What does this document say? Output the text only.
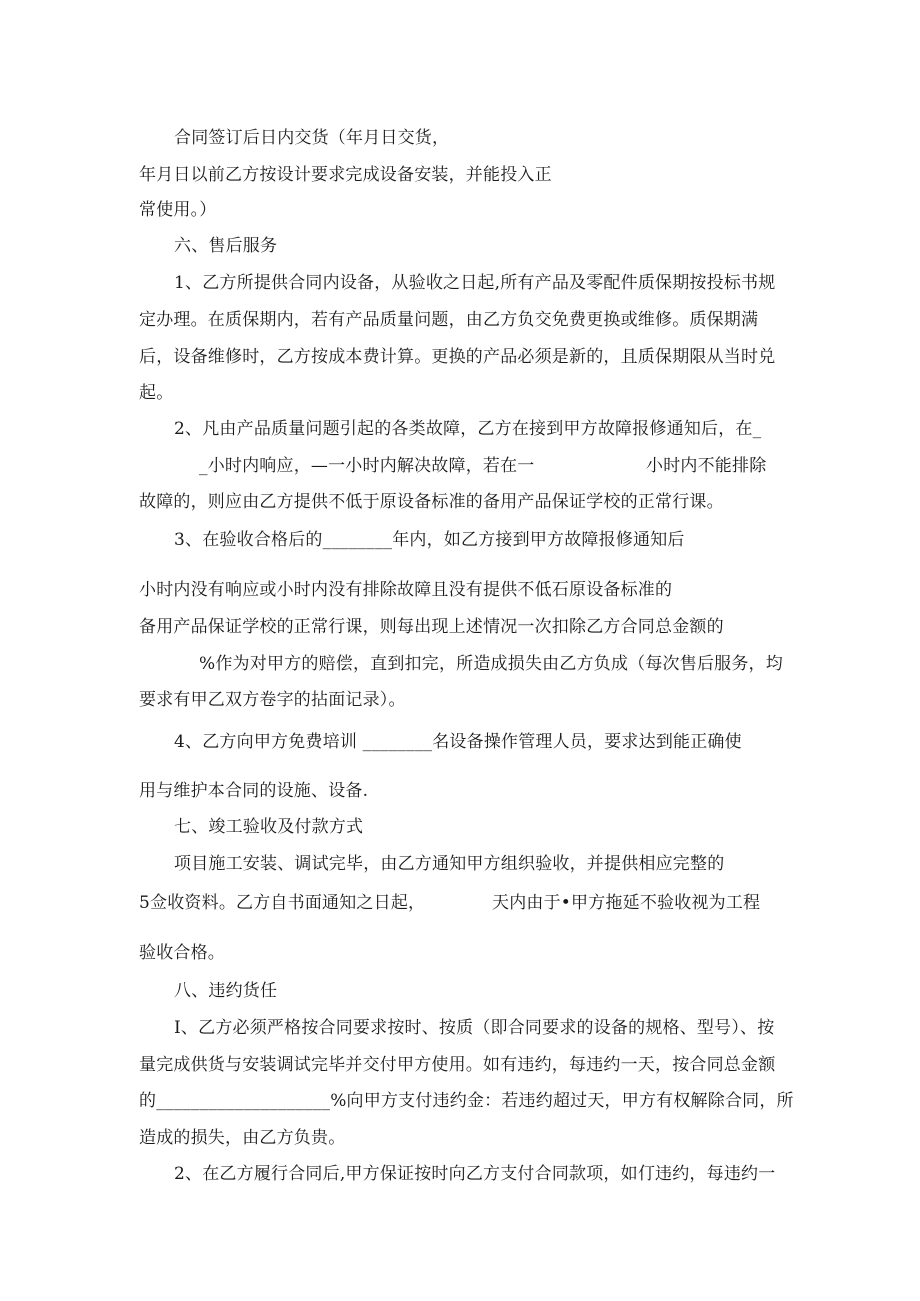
合同签订后日内交货（年月日交货，
年月日以前乙方按设计要求完成设备安装，并能投入正
常使用。）
六、售后服务
1、乙方所提供合同内设备，从验收之日起,所有产品及零配件质保期按投标书规
定办理。在质保期内，若有产品质量问题，由乙方负交免费更换或维修。质保期满
后，设备维修时，乙方按成本费计算。更换的产品必须是新的，且质保期限从当时兑
起。
2、凡由产品质量问题引起的各类故障，乙方在接到甲方故障报修通知后，在_
_小时内响应，—一小时内解决故障，若在一	小时内不能排除
故障的，则应由乙方提供不低于原设备标准的备用产品保证学校的正常行课。
3、在验收合格后的________年内，如乙方接到甲方故障报修通知后
小时内没有响应或小时内没有排除故障且没有提供不低石原设备标准的
备用产品保证学校的正常行课，则每出现上述情况一次扣除乙方合同总金额的
%作为对甲方的赔偿，直到扣完，所造成损失由乙方负成（每次售后服务，均
要求有甲乙双方卷字的拈面记录）。
4、乙方向甲方免费培训 ________名设备操作管理人员，要求达到能正确使
用与维护本合同的设施、设备.
七、竣工验收及付款方式
项目施工安装、调试完毕，由乙方通知甲方组织验收，并提供相应完整的
5佥收资料。乙方自书面通知之日起，	天内由于•甲方拖延不验收视为工程
验收合格。
八、违约货任
I、乙方必须严格按合同要求按时、按质（即合同要求的设备的规格、型号）、按
量完成供货与安装调试完毕并交付甲方使用。如有违约，每违约一天，按合同总金额
的____________________%向甲方支付违约金：若违约超过天，甲方有权解除合同，所
造成的损失，由乙方负贵。
2、在乙方履行合同后,甲方保证按时向乙方支付合同款项，如仃违约，每违约一
